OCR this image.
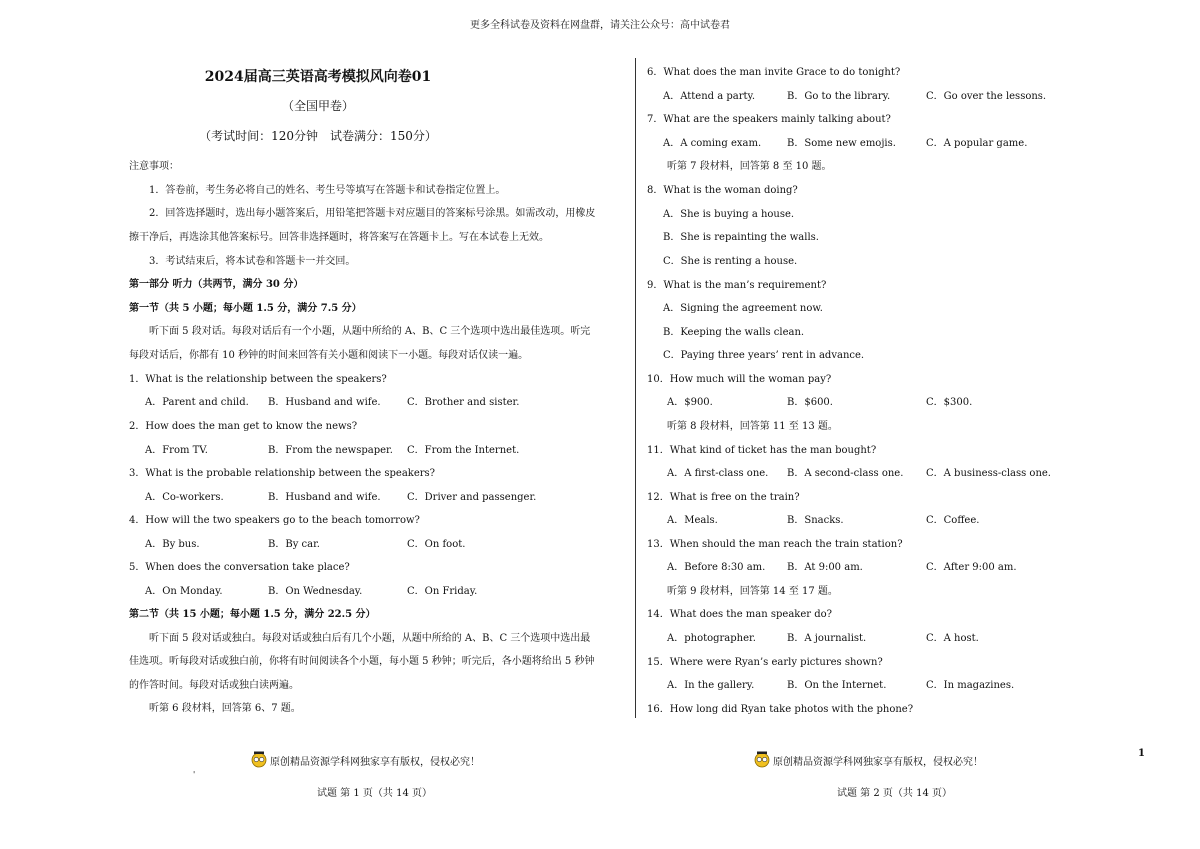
更多全科试卷及资料在网盘群，请关注公众号：高中试卷君
2024届高三英语高考模拟风向卷01
（全国甲卷）
（考试时间：120分钟　试卷满分：150分）
注意事项：
1．答卷前，考生务必将自己的姓名、考生号等填写在答题卡和试卷指定位置上。
2．回答选择题时，选出每小题答案后，用铅笔把答题卡对应题目的答案标号涂黑。如需改动，用橡皮
擦干净后，再选涂其他答案标号。回答非选择题时，将答案写在答题卡上。写在本试卷上无效。
3．考试结束后，将本试卷和答题卡一并交回。
第一部分 听力（共两节，满分 30 分）
第一节（共 5 小题；每小题 1.5 分，满分 7.5 分）
听下面 5 段对话。每段对话后有一个小题，从题中所给的 A、B、C 三个选项中选出最佳选项。听完
每段对话后，你都有 10 秒钟的时间来回答有关小题和阅读下一小题。每段对话仅读一遍。
1．What is the relationship between the speakers?
A．Parent and child. B．Husband and wife.	C．Brother and sister.
2．How does the man get to know the news?
A．From TV.	B．From the newspaper. C．From the Internet.
3．What is the probable relationship between the speakers?
A．Co-workers.	B．Husband and wife.	C．Driver and passenger.
4．How will the two speakers go to the beach tomorrow?
A．By bus.	B．By car.	C．On foot.
5．When does the conversation take place?
A．On Monday.	B．On Wednesday.	C．On Friday.
第二节（共 15 小题；每小题 1.5 分，满分 22.5 分）
听下面 5 段对话或独白。每段对话或独白后有几个小题，从题中所给的 A、B、C 三个选项中选出最
佳选项。听每段对话或独白前，你将有时间阅读各个小题，每小题 5 秒钟；听完后，各小题将给出 5 秒钟
的作答时间。每段对话或独白读两遍。
听第 6 段材料，回答第 6、7 题。
原创精品资源学科网独家享有版权，侵权必究！
'
试题 第 1 页（共 14 页）
6．What does the man invite Grace to do tonight?
A．Attend a party.	B．Go to the library.	C．Go over the lessons.
7．What are the speakers mainly talking about?
A．A coming exam.	B．Some new emojis.	C．A popular game.
听第 7 段材料，回答第 8 至 10 题。
8．What is the woman doing?
A．She is buying a house.
B．She is repainting the walls.
C．She is renting a house.
9．What is the man’s requirement?
A．Signing the agreement now.
B．Keeping the walls clean.
C．Paying three years’ rent in advance.
10．How much will the woman pay?
A．$900.	B．$600.	C．$300.
听第 8 段材料，回答第 11 至 13 题。
11．What kind of ticket has the man bought?
A．A first-class one. B．A second-class one. C．A business-class one.
12．What is free on the train?
A．Meals.	B．Snacks.	C．Coffee.
13．When should the man reach the train station?
A．Before 8:30 am. B．At 9:00 am.	C．After 9:00 am.
听第 9 段材料，回答第 14 至 17 题。
14．What does the man speaker do?
A．photographer.	B．A journalist.	C．A host.
15．Where were Ryan’s early pictures shown?
A．In the gallery.	B．On the Internet.	C．In magazines.
16．How long did Ryan take photos with the phone?
原创精品资源学科网独家享有版权，侵权必究！
试题 第 2 页（共 14 页）
1
